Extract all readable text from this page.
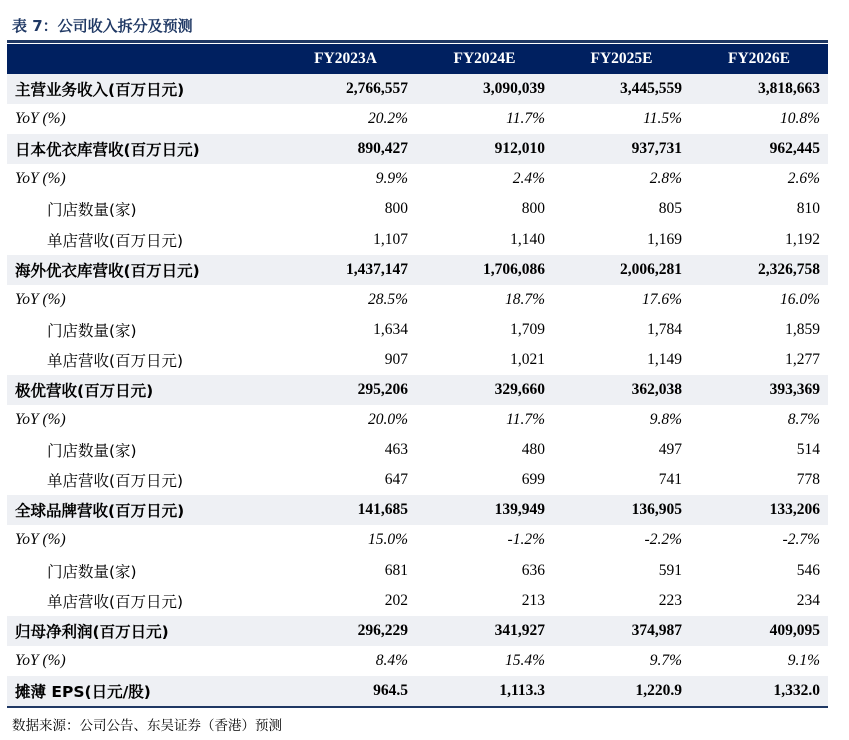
表 7：公司收入拆分及预测
	FY2023A	FY2024E	FY2025E	FY2026E
主营业务收入(百万日元)	2,766,557	3,090,039	3,445,559	3,818,663
YoY (%)	20.2%	11.7%	11.5%	10.8%
日本优衣库营收(百万日元)	890,427	912,010	937,731	962,445
YoY (%)	9.9%	2.4%	2.8%	2.6%
门店数量(家)	800	800	805	810
单店营收(百万日元)	1,107	1,140	1,169	1,192
海外优衣库营收(百万日元)	1,437,147	1,706,086	2,006,281	2,326,758
YoY (%)	28.5%	18.7%	17.6%	16.0%
门店数量(家)	1,634	1,709	1,784	1,859
单店营收(百万日元)	907	1,021	1,149	1,277
极优营收(百万日元)	295,206	329,660	362,038	393,369
YoY (%)	20.0%	11.7%	9.8%	8.7%
门店数量(家)	463	480	497	514
单店营收(百万日元)	647	699	741	778
全球品牌营收(百万日元)	141,685	139,949	136,905	133,206
YoY (%)	15.0%	-1.2%	-2.2%	-2.7%
门店数量(家)	681	636	591	546
单店营收(百万日元)	202	213	223	234
归母净利润(百万日元)	296,229	341,927	374,987	409,095
YoY (%)	8.4%	15.4%	9.7%	9.1%
摊薄 EPS(日元/股)	964.5	1,113.3	1,220.9	1,332.0
数据来源：公司公告、东吴证券（香港）预测
